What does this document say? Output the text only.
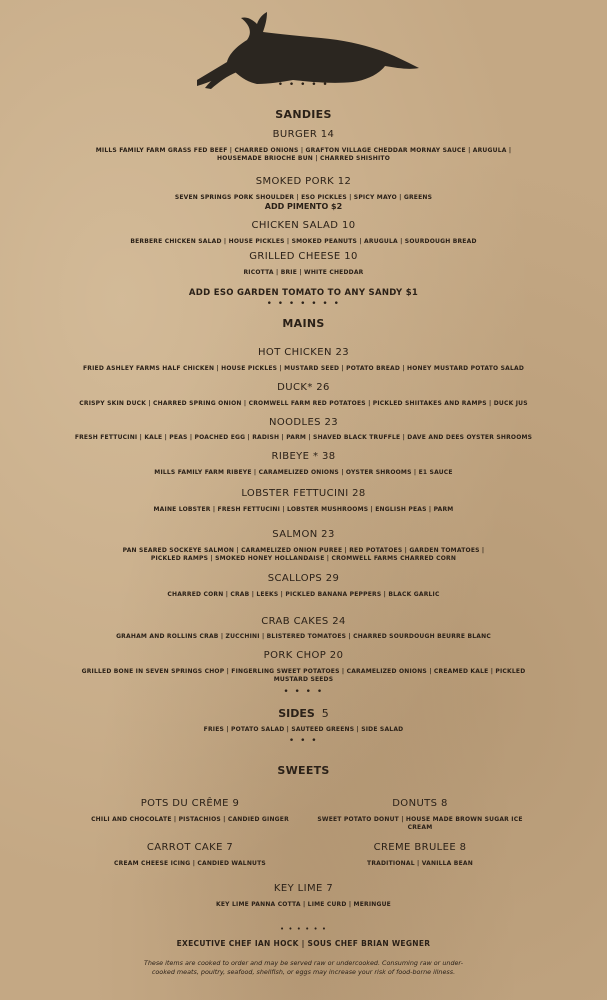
• • • • •
SANDIES
BURGER 14
MILLS FAMILY FARM GRASS FED BEEF | CHARRED ONIONS | GRAFTON VILLAGE CHEDDAR MORNAY SAUCE | ARUGULA |
HOUSEMADE BRIOCHE BUN | CHARRED SHISHITO
SMOKED PORK 12
SEVEN SPRINGS PORK SHOULDER | ESO PICKLES | SPICY MAYO | GREENS
ADD PIMENTO $2
CHICKEN SALAD 10
BERBERE CHICKEN SALAD | HOUSE PICKLES | SMOKED PEANUTS | ARUGULA | SOURDOUGH BREAD
GRILLED CHEESE 10
RICOTTA | BRIE | WHITE CHEDDAR
ADD ESO GARDEN TOMATO TO ANY SANDY $1
• • • • • • •
MAINS
HOT CHICKEN 23
FRIED ASHLEY FARMS HALF CHICKEN | HOUSE PICKLES | MUSTARD SEED | POTATO BREAD | HONEY MUSTARD POTATO SALAD
DUCK* 26
CRISPY SKIN DUCK | CHARRED SPRING ONION | CROMWELL FARM RED POTATOES | PICKLED SHIITAKES AND RAMPS | DUCK JUS
NOODLES 23
FRESH FETTUCINI | KALE | PEAS | POACHED EGG | RADISH | PARM | SHAVED BLACK TRUFFLE | DAVE AND DEES OYSTER SHROOMS
RIBEYE * 38
MILLS FAMILY FARM RIBEYE | CARAMELIZED ONIONS | OYSTER SHROOMS | E1 SAUCE
LOBSTER FETTUCINI 28
MAINE LOBSTER | FRESH FETTUCINI | LOBSTER MUSHROOMS | ENGLISH PEAS | PARM
SALMON 23
PAN SEARED SOCKEYE SALMON | CARAMELIZED ONION PUREE | RED POTATOES | GARDEN TOMATOES |
PICKLED RAMPS | SMOKED HONEY HOLLANDAISE | CROMWELL FARMS CHARRED CORN
SCALLOPS 29
CHARRED CORN | CRAB | LEEKS | PICKLED BANANA PEPPERS | BLACK GARLIC
CRAB CAKES 24
GRAHAM AND ROLLINS CRAB | ZUCCHINI | BLISTERED TOMATOES | CHARRED SOURDOUGH BEURRE BLANC
PORK CHOP 20
GRILLED BONE IN SEVEN SPRINGS CHOP | FINGERLING SWEET POTATOES | CARAMELIZED ONIONS | CREAMED KALE | PICKLED
MUSTARD SEEDS
• • • •
SIDES 5
FRIES | POTATO SALAD | SAUTEED GREENS | SIDE SALAD
• • •
SWEETS
POTS DU CRÊME 9
CHILI AND CHOCOLATE | PISTACHIOS | CANDIED GINGER
DONUTS 8
SWEET POTATO DONUT | HOUSE MADE BROWN SUGAR ICE
CREAM
CARROT CAKE 7
CREAM CHEESE ICING | CANDIED WALNUTS
CREME BRULEE 8
TRADITIONAL | VANILLA BEAN
KEY LIME 7
KEY LIME PANNA COTTA | LIME CURD | MERINGUE
• • • • • •
EXECUTIVE CHEF IAN HOCK | SOUS CHEF BRIAN WEGNER
These items are cooked to order and may be served raw or undercooked. Consuming raw or under-
cooked meats, poultry, seafood, shellfish, or eggs may increase your risk of food-borne illness.
